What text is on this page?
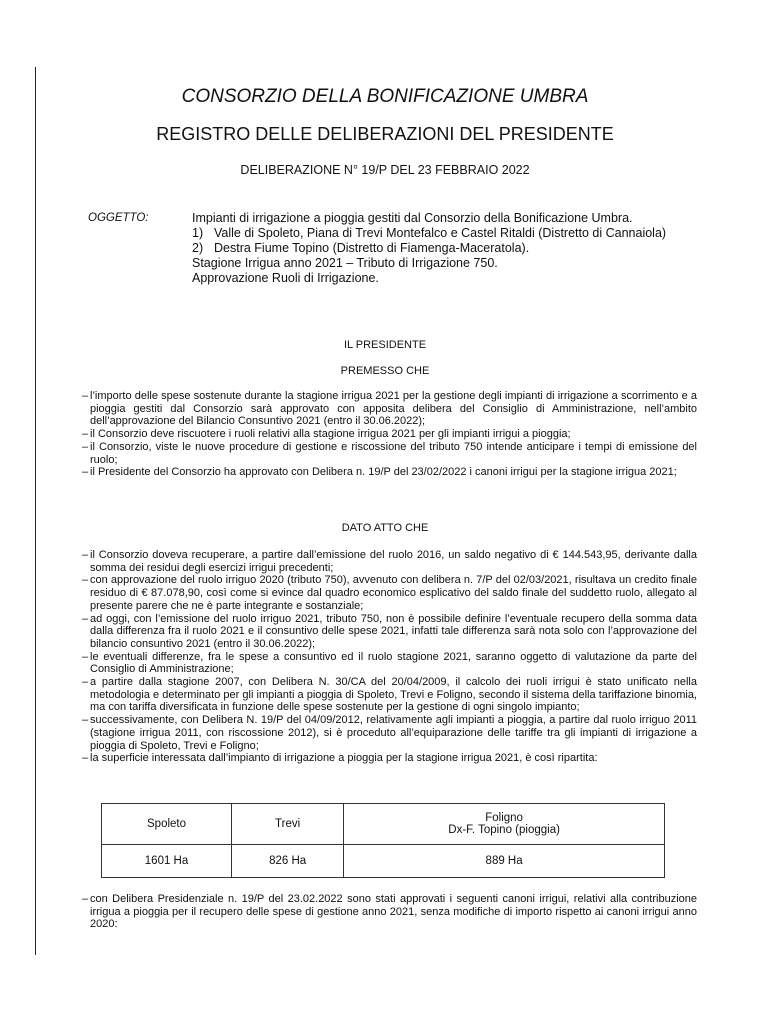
CONSORZIO DELLA BONIFICAZIONE UMBRA
REGISTRO DELLE DELIBERAZIONI DEL PRESIDENTE
DELIBERAZIONE N° 19/P DEL 23 FEBBRAIO 2022
OGGETTO:	Impianti di irrigazione a pioggia gestiti dal Consorzio della Bonificazione Umbra.
1) Valle di Spoleto, Piana di Trevi Montefalco e Castel Ritaldi (Distretto di Cannaiola)
2) Destra Fiume Topino (Distretto di Fiamenga-Maceratola).
Stagione Irrigua anno 2021 – Tributo di Irrigazione 750.
Approvazione Ruoli di Irrigazione.
IL PRESIDENTE
PREMESSO CHE
– l’importo delle spese sostenute durante la stagione irrigua 2021 per la gestione degli impianti di irrigazione a scorrimento e a pioggia gestiti dal Consorzio sarà approvato con apposita delibera del Consiglio di Amministrazione, nell’ambito dell’approvazione del Bilancio Consuntivo 2021 (entro il 30.06.2022);
– il Consorzio deve riscuotere i ruoli relativi alla stagione irrigua 2021 per gli impianti irrigui a pioggia;
– il Consorzio, viste le nuove procedure di gestione e riscossione del tributo 750 intende anticipare i tempi di emissione del ruolo;
– il Presidente del Consorzio ha approvato con Delibera n. 19/P del 23/02/2022 i canoni irrigui per la stagione irrigua 2021;
DATO ATTO CHE
– il Consorzio doveva recuperare, a partire dall’emissione del ruolo 2016, un saldo negativo di € 144.543,95, derivante dalla somma dei residui degli esercizi irrigui precedenti;
– con approvazione del ruolo irriguo 2020 (tributo 750), avvenuto con delibera n. 7/P del 02/03/2021, risultava un credito finale residuo di € 87.078,90, così come si evince dal quadro economico esplicativo del saldo finale del suddetto ruolo, allegato al presente parere che ne è parte integrante e sostanziale;
– ad oggi, con l’emissione del ruolo irriguo 2021, tributo 750, non è possibile definire l’eventuale recupero della somma data dalla differenza fra il ruolo 2021 e il consuntivo delle spese 2021, infatti tale differenza sarà nota solo con l’approvazione del bilancio consuntivo 2021 (entro il 30.06.2022);
– le eventuali differenze, fra le spese a consuntivo ed il ruolo stagione 2021, saranno oggetto di valutazione da parte del Consiglio di Amministrazione;
– a partire dalla stagione 2007, con Delibera N. 30/CA del 20/04/2009, il calcolo dei ruoli irrigui è stato unificato nella metodologia e determinato per gli impianti a pioggia di Spoleto, Trevi e Foligno, secondo il sistema della tariffazione binomia, ma con tariffa diversificata in funzione delle spese sostenute per la gestione di ogni singolo impianto;
– successivamente, con Delibera N. 19/P del 04/09/2012, relativamente agli impianti a pioggia, a partire dal ruolo irriguo 2011 (stagione irrigua 2011, con riscossione 2012), si è proceduto all’equiparazione delle tariffe tra gli impianti di irrigazione a pioggia di Spoleto, Trevi e Foligno;
– la superficie interessata dall’impianto di irrigazione a pioggia per la stagione irrigua 2021, è così ripartita:
Spoleto	Trevi	Foligno
Dx-F. Topino (pioggia)

1601 Ha	826 Ha	889 Ha
– con Delibera Presidenziale n. 19/P del 23.02.2022 sono stati approvati i seguenti canoni irrigui, relativi alla contribuzione irrigua a pioggia per il recupero delle spese di gestione anno 2021, senza modifiche di importo rispetto ai canoni irrigui anno 2020:
